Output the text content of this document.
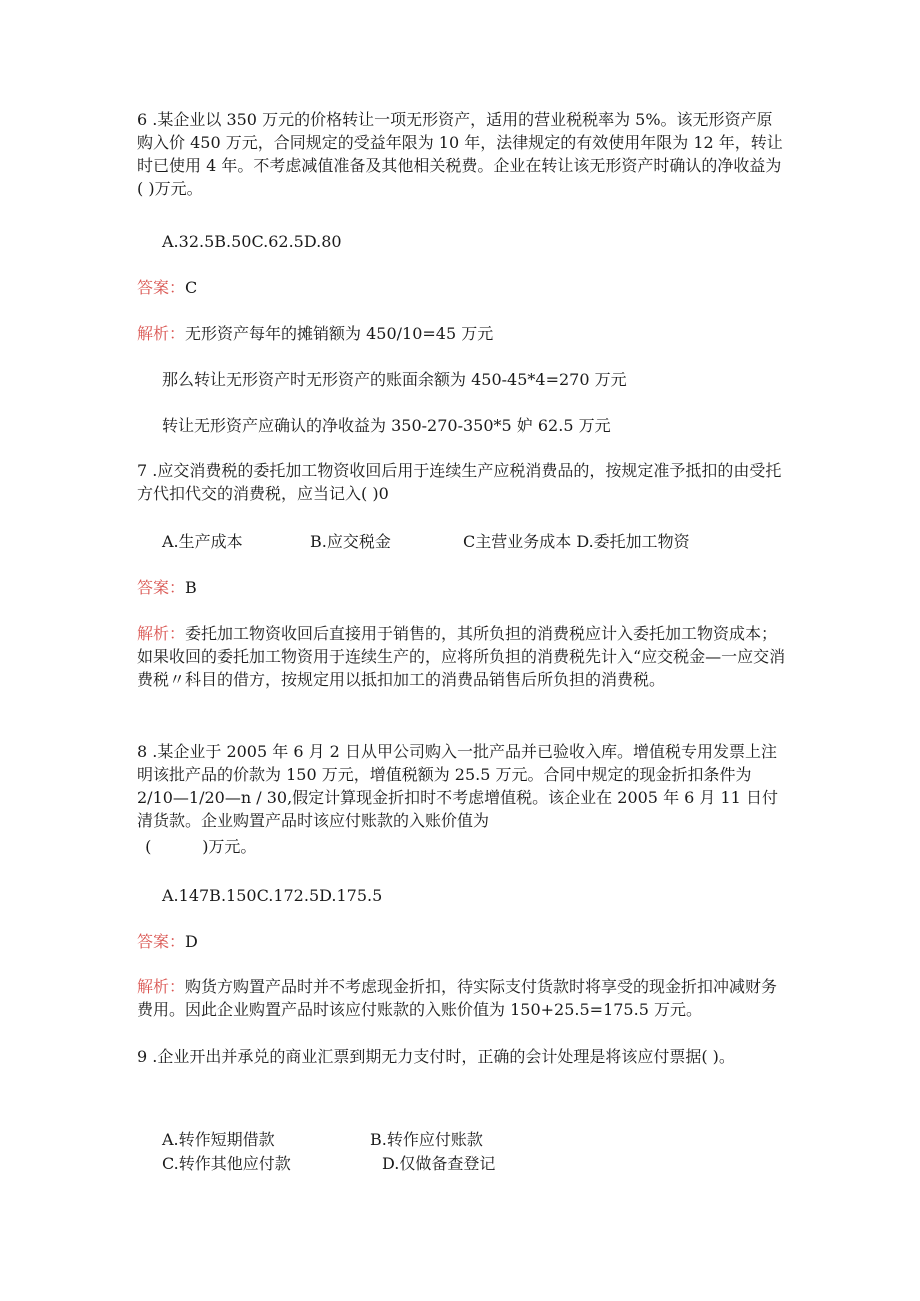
6 .某企业以 350 万元的价格转让一项无形资产，适用的营业税税率为 5%。该无形资产原购入价 450 万元，合同规定的受益年限为 10 年，法律规定的有效使用年限为 12 年，转让时已使用 4 年。不考虑减值准备及其他相关税费。企业在转让该无形资产时确认的净收益为( )万元。
A.32.5B.50C.62.5D.80
答案：C
解析：无形资产每年的摊销额为 450/10=45 万元
那么转让无形资产时无形资产的账面余额为 450-45*4=270 万元
转让无形资产应确认的净收益为 350-270-350*5 妒 62.5 万元
7 .应交消费税的委托加工物资收回后用于连续生产应税消费品的，按规定准予抵扣的由受托方代扣代交的消费税，应当记入( )0
A.生产成本	B.应交税金	C主营业务成本 D.委托加工物资
答案：B
解析：委托加工物资收回后直接用于销售的，其所负担的消费税应计入委托加工物资成本；如果收回的委托加工物资用于连续生产的，应将所负担的消费税先计入“应交税金—一应交消费税〃科目的借方，按规定用以抵扣加工的消费品销售后所负担的消费税。
8 .某企业于 2005 年 6 月 2 日从甲公司购入一批产品并已验收入库。增值税专用发票上注明该批产品的价款为 150 万元，增值税额为 25.5 万元。合同中规定的现金折扣条件为 2/10—1/20—n / 30,假定计算现金折扣时不考虑增值税。该企业在 2005 年 6 月 11 日付清货款。企业购置产品时该应付账款的入账价值为
(          )万元。
A.147B.150C.172.5D.175.5
答案：D
解析：购货方购置产品时并不考虑现金折扣，待实际支付货款时将享受的现金折扣冲减财务费用。因此企业购置产品时该应付账款的入账价值为 150+25.5=175.5 万元。
9 .企业开出并承兑的商业汇票到期无力支付时，正确的会计处理是将该应付票据( )。
A.转作短期借款	B.转作应付账款
C.转作其他应付款	D.仅做备查登记
